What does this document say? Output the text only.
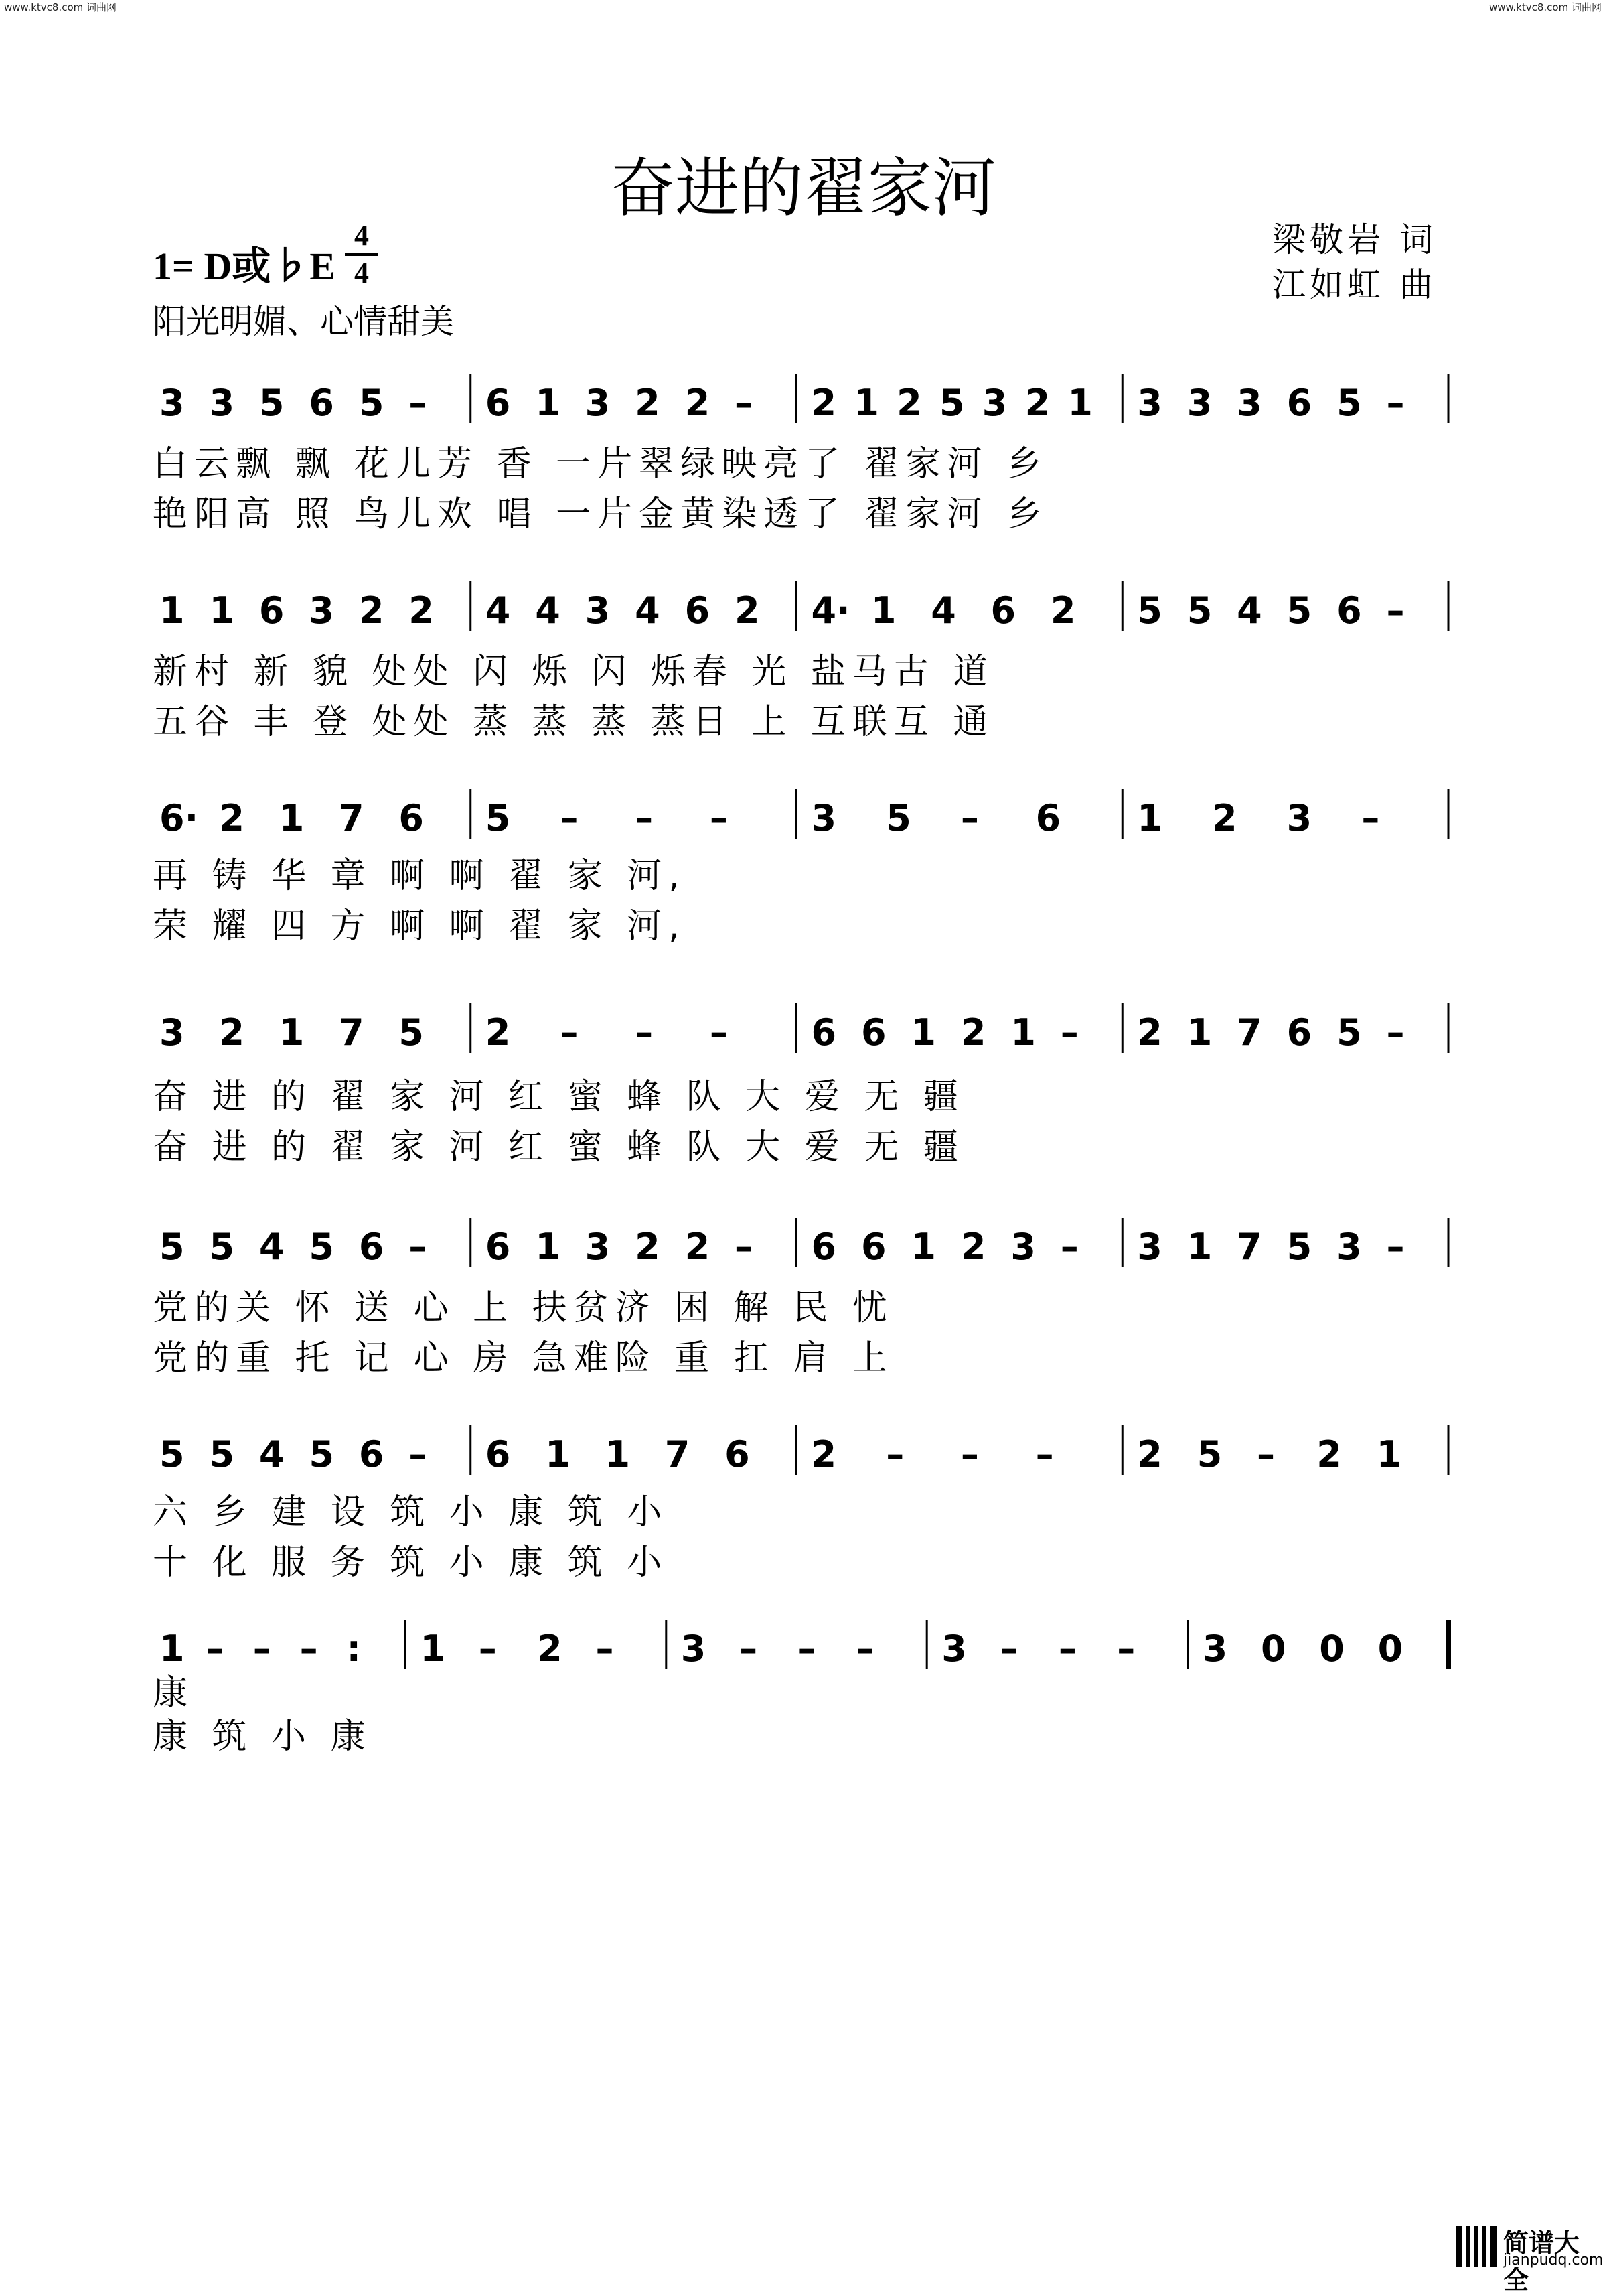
www.ktvc8.com 词曲网	www.ktvc8.com 词曲网
奋进的翟家河
1= D或♭E
4
4
阳光明媚、心情甜美
梁敬岩 词
江如虹 曲
3 3 5 6 5 – 6 1 3 2 2 – 2 1 2 5 3 2 1 3 3 3 6 5 –
白云飘 飘 花儿芳 香 一片翠绿映亮了 翟家河 乡
艳阳高 照 鸟儿欢 唱 一片金黄染透了 翟家河 乡
1 1 6 3 2 2 4 4 3 4 6 2 4· 1 4 6 2 5 5 4 5 6 –
新村 新 貌 处处 闪 烁 闪 烁春 光 盐马古 道
五谷 丰 登 处处 蒸 蒸 蒸 蒸日 上 互联互 通
6· 2 1 7 6 5 – – – 3 5 – 6 1 2 3 –
再 铸 华 章 啊 啊 翟 家 河,
荣 耀 四 方 啊 啊 翟 家 河,
3 2 1 7 5 2 – – – 6 6 1 2 1 – 2 1 7 6 5 –
奋 进 的 翟 家 河 红 蜜 蜂 队 大 爱 无 疆
奋 进 的 翟 家 河 红 蜜 蜂 队 大 爱 无 疆
5 5 4 5 6 – 6 1 3 2 2 – 6 6 1 2 3 – 3 1 7 5 3 –
党的关 怀 送 心 上 扶贫济 困 解 民 忧
党的重 托 记 心 房 急难险 重 扛 肩 上
5 5 4 5 6 – 6 1 1 7 6 2 – – – 2 5 – 2 1
六 乡 建 设 筑 小 康 筑 小
十 化 服 务 筑 小 康 筑 小
1 – – – : 1 – 2 – 3 – – – 3 – – – 3 0 0 0
康
康 筑 小 康
简谱大全
jianpudq.com
